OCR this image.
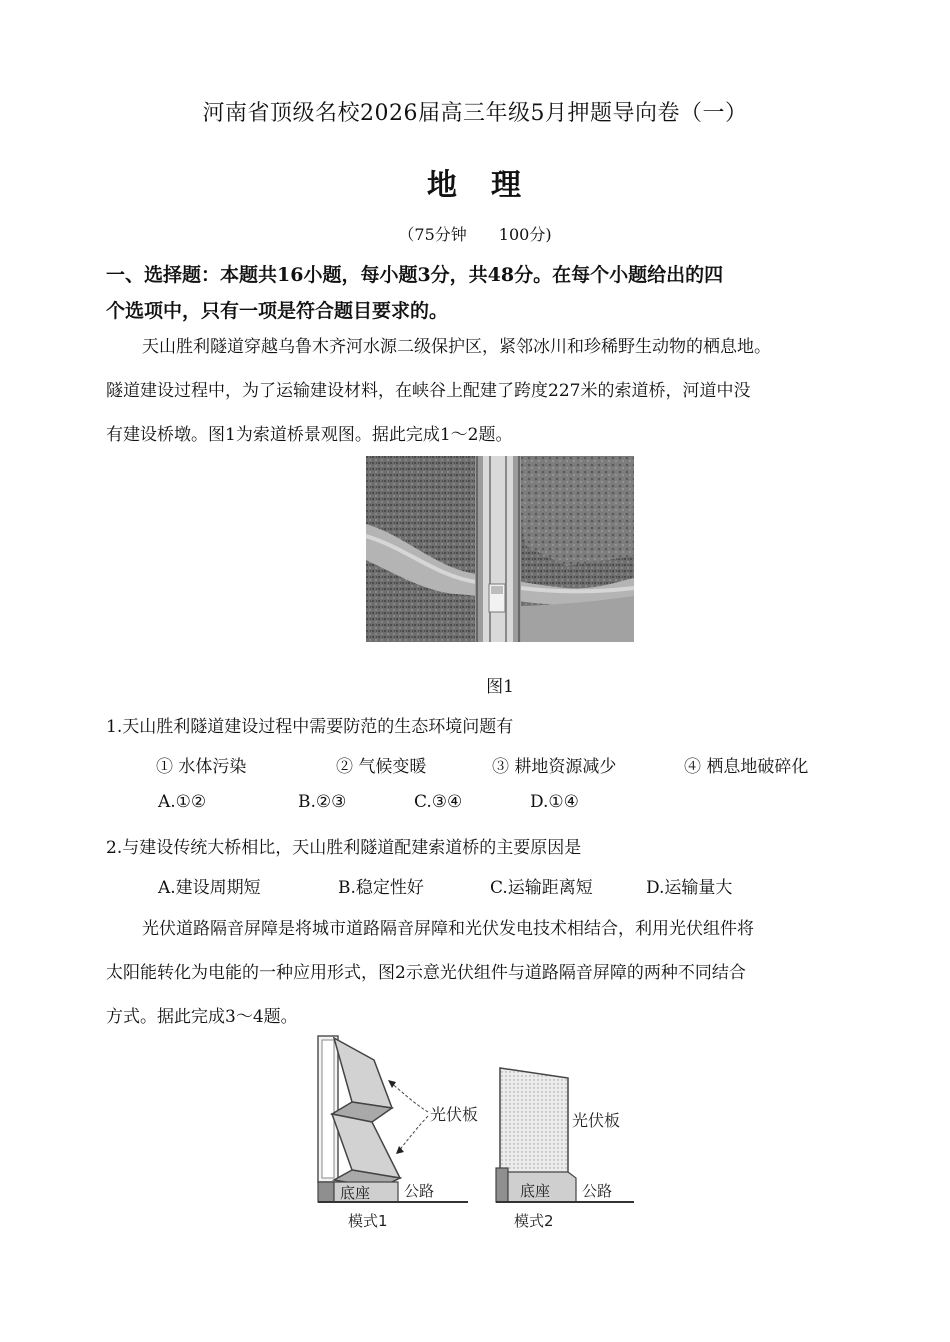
河南省顶级名校2026届高三年级5月押题导向卷（一）
地　理
（75分钟　　100分)
一、选择题：本题共16小题，每小题3分，共48分。在每个小题给出的四
个选项中，只有一项是符合题目要求的。
天山胜利隧道穿越乌鲁木齐河水源二级保护区，紧邻冰川和珍稀野生动物的栖息地。
隧道建设过程中，为了运输建设材料，在峡谷上配建了跨度227米的索道桥，河道中没
有建设桥墩。图1为索道桥景观图。据此完成1～2题。
图1
1.天山胜利隧道建设过程中需要防范的生态环境问题有
① 水体污染	② 气候变暖	③ 耕地资源减少	④ 栖息地破碎化
A.①②	B.②③	C.③④	D.①④
2.与建设传统大桥相比，天山胜利隧道配建索道桥的主要原因是
A.建设周期短	B.稳定性好	C.运输距离短	D.运输量大
光伏道路隔音屏障是将城市道路隔音屏障和光伏发电技术相结合，利用光伏组件将
太阳能转化为电能的一种应用形式，图2示意光伏组件与道路隔音屏障的两种不同结合
方式。据此完成3～4题。
光伏板
底座 公路
模式1
光伏板
底座 公路
模式2
